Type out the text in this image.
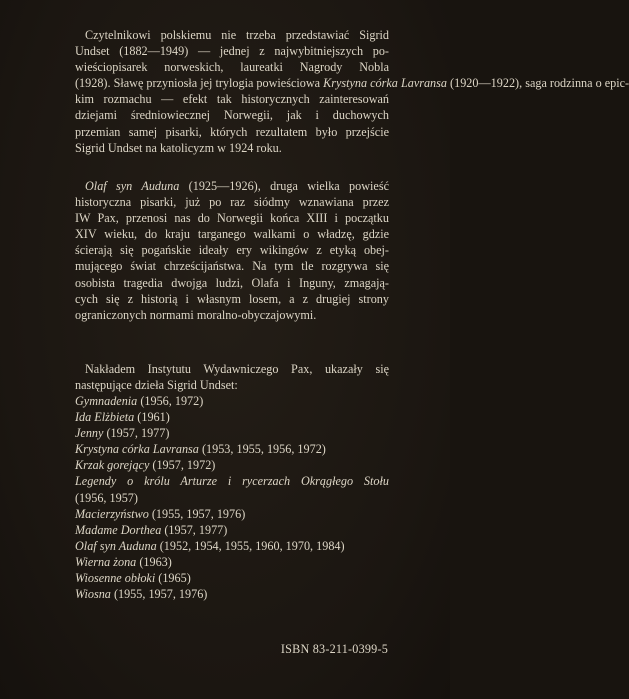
Czytelnikowi polskiemu nie trzeba przedstawiać Sigrid
Undset (1882—1949) — jednej z najwybitniejszych po-
wieściopisarek norweskich, laureatki Nagrody Nobla
(1928). Sławę przyniosła jej trylogia powieściowa Krystyna córka Lavransa (1920—1922), saga rodzinna o epic-
kim rozmachu — efekt tak historycznych zainteresowań
dziejami średniowiecznej Norwegii, jak i duchowych
przemian samej pisarki, których rezultatem było przejście
Sigrid Undset na katolicyzm w 1924 roku.
Olaf syn Auduna (1925—1926), druga wielka powieść
historyczna pisarki, już po raz siódmy wznawiana przez
IW Pax, przenosi nas do Norwegii końca XIII i początku
XIV wieku, do kraju targanego walkami o władzę, gdzie
ścierają się pogańskie ideały ery wikingów z etyką obej-
mującego świat chrześcijaństwa. Na tym tle rozgrywa się
osobista tragedia dwojga ludzi, Olafa i Inguny, zmagają-
cych się z historią i własnym losem, a z drugiej strony
ograniczonych normami moralno-obyczajowymi.
Nakładem Instytutu Wydawniczego Pax, ukazały się
następujące dzieła Sigrid Undset:
Gymnadenia (1956, 1972)
Ida Elżbieta (1961)
Jenny (1957, 1977)
Krystyna córka Lavransa (1953, 1955, 1956, 1972)
Krzak gorejący (1957, 1972)
Legendy o królu Arturze i rycerzach Okrągłego Stołu
(1956, 1957)
Macierzyństwo (1955, 1957, 1976)
Madame Dorthea (1957, 1977)
Olaf syn Auduna (1952, 1954, 1955, 1960, 1970, 1984)
Wierna żona (1963)
Wiosenne obłoki (1965)
Wiosna (1955, 1957, 1976)
ISBN 83-211-0399-5
